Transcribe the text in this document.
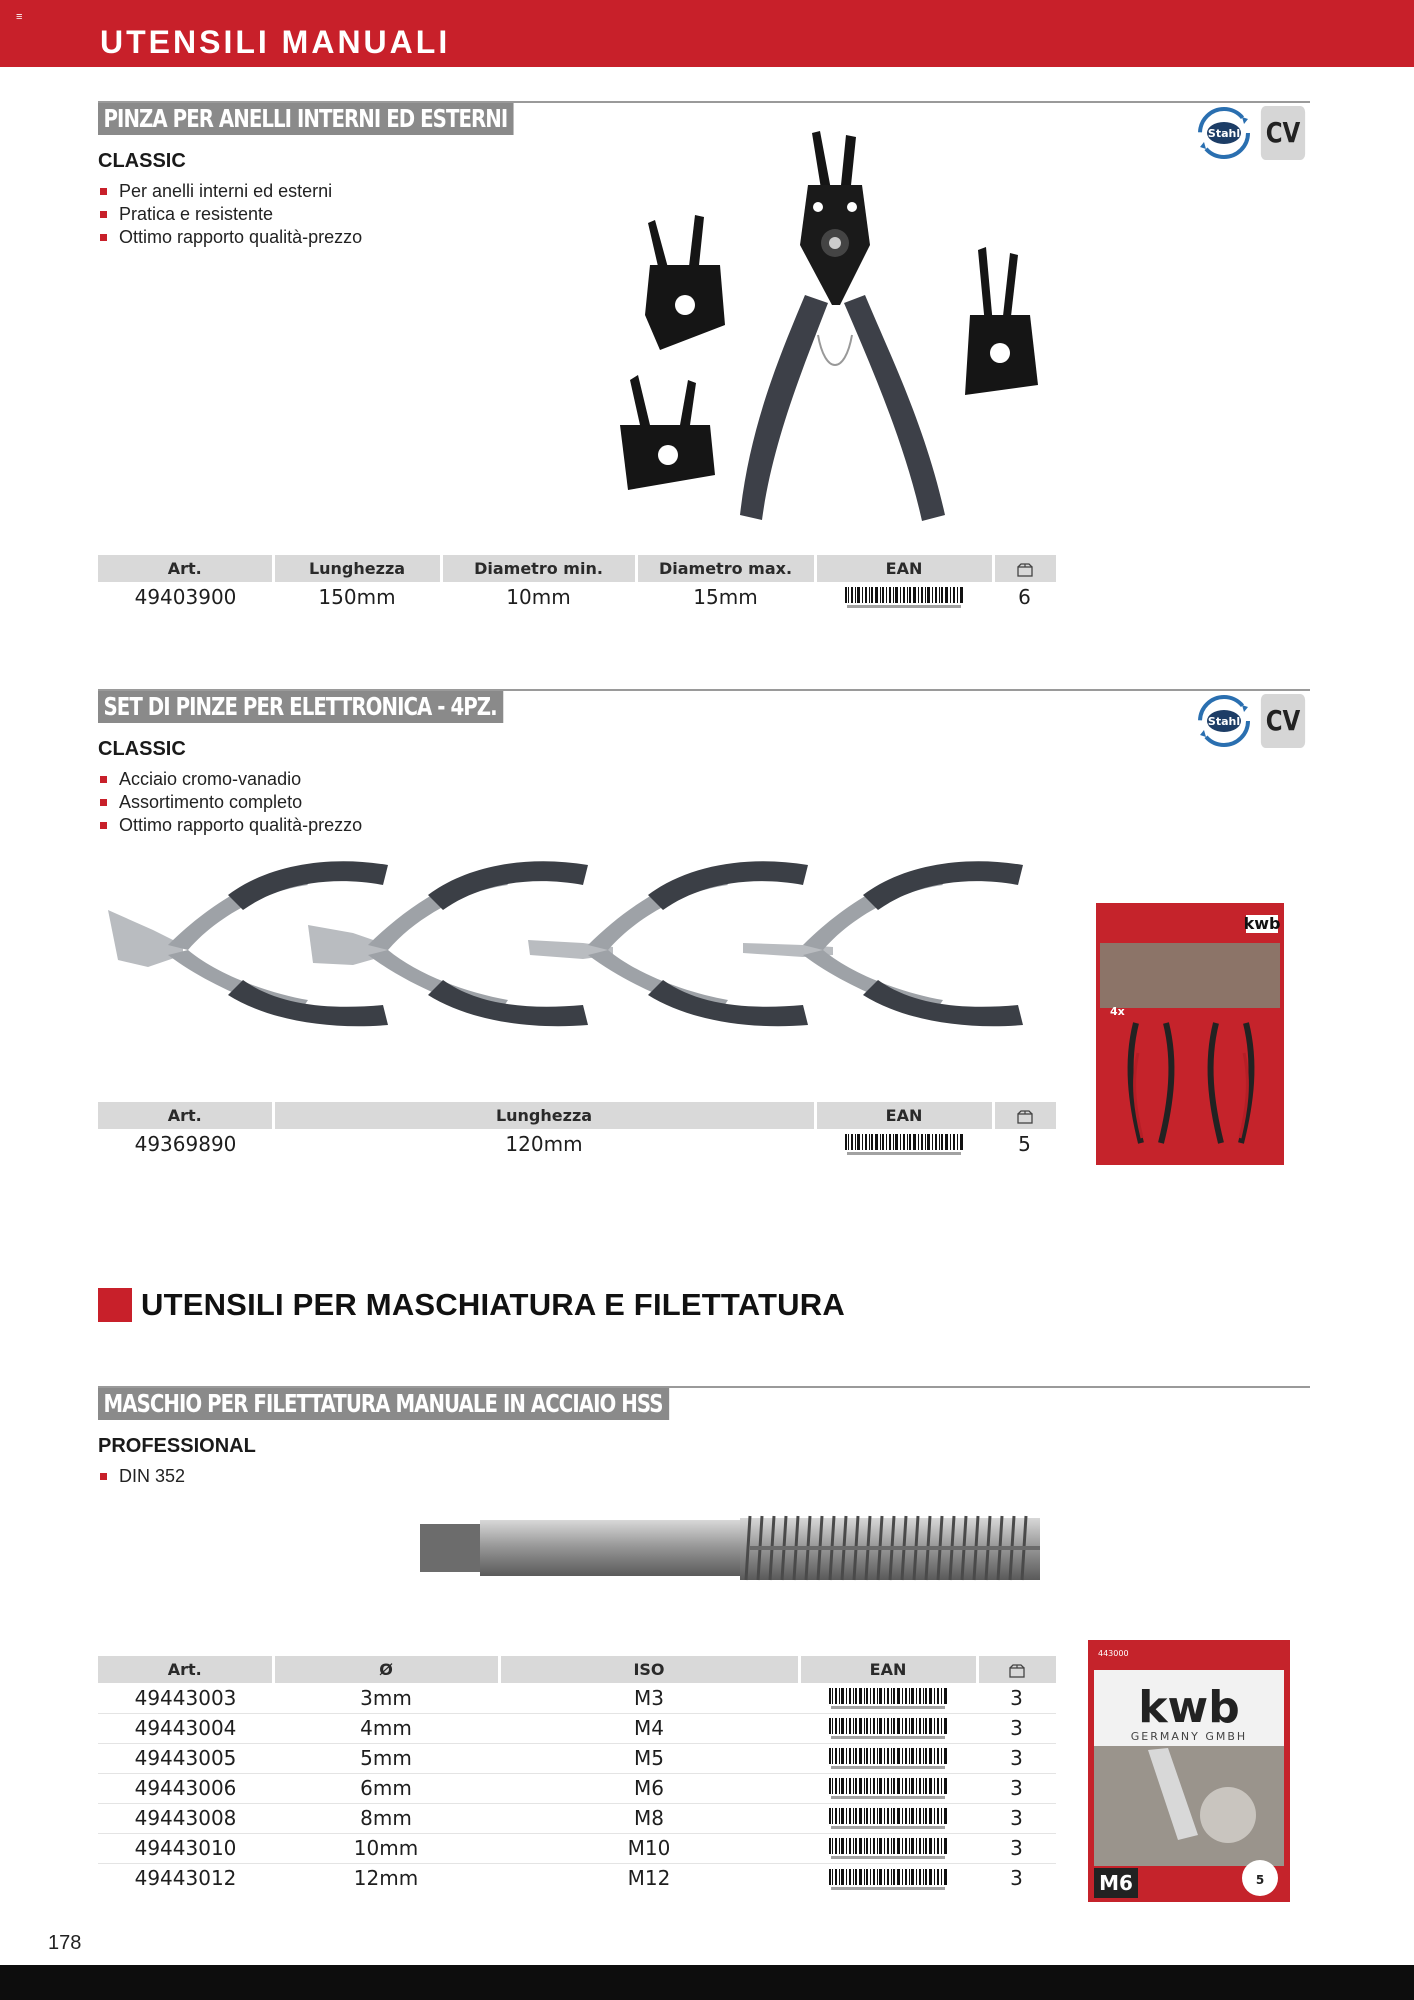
≡
UTENSILI MANUALI
PINZA PER ANELLI INTERNI ED ESTERNI
CLASSIC
Per anelli interni ed esterni
Pratica e resistente
Ottimo rapporto qualità-prezzo
Stahl CV
Art.	Lunghezza	Diametro min.	Diametro max.	EAN	
49403900	150mm	10mm	15mm		6
SET DI PINZE PER ELETTRONICA - 4PZ.
CLASSIC
Acciaio cromo-vanadio
Assortimento completo
Ottimo rapporto qualità-prezzo
Stahl CV
kwb
4x
Art.	Lunghezza	EAN	
49369890	120mm		5
UTENSILI PER MASCHIATURA E FILETTATURA
MASCHIO PER FILETTATURA MANUALE IN ACCIAIO HSS
PROFESSIONAL
DIN 352
443000
kwb
GERMANY GMBH
M6	5
Art.	Ø	ISO	EAN	
49443003	3mm	M3		3
49443004	4mm	M4		3
49443005	5mm	M5		3
49443006	6mm	M6		3
49443008	8mm	M8		3
49443010	10mm	M10		3
49443012	12mm	M12		3
178
